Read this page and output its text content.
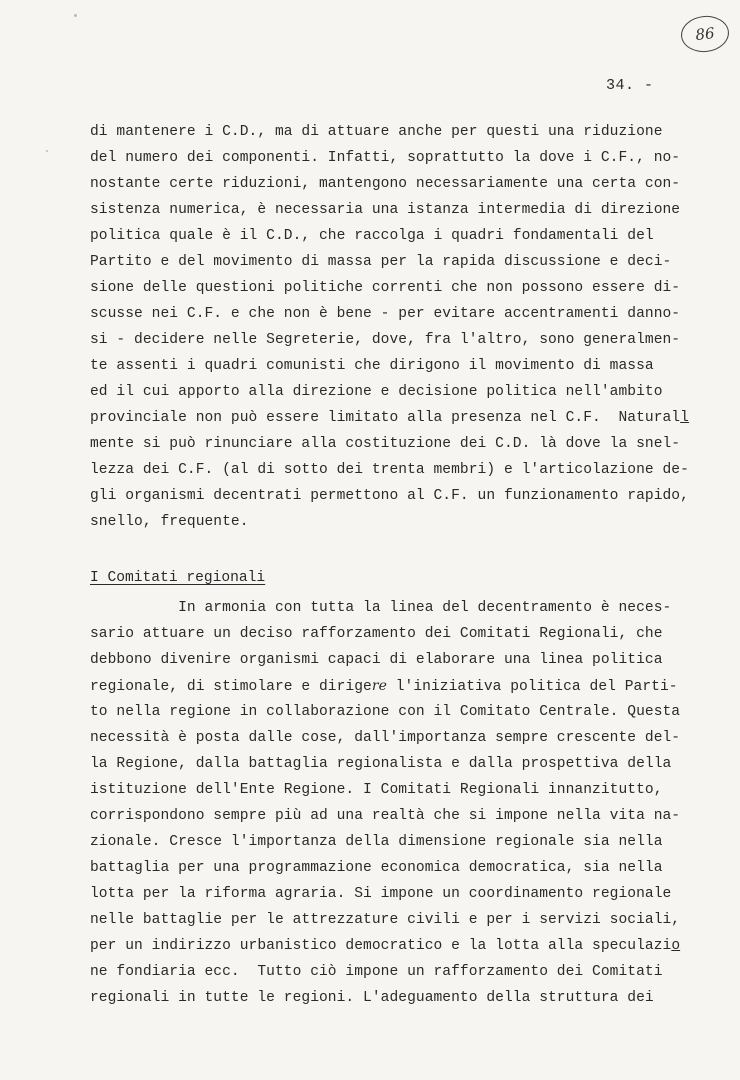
86
34. -
di mantenere i C.D., ma di attuare anche per questi una riduzione
del numero dei componenti. Infatti, soprattutto la dove i C.F., no-
nostante certe riduzioni, mantengono necessariamente una certa con-
sistenza numerica, è necessaria una istanza intermedia di direzione
politica quale è il C.D., che raccolga i quadri fondamentali del
Partito e del movimento di massa per la rapida discussione e deci-
sione delle questioni politiche correnti che non possono essere di-
scusse nei C.F. e che non è bene - per evitare accentramenti danno-
si - decidere nelle Segreterie, dove, fra l'altro, sono generalmen-
te assenti i quadri comunisti che dirigono il movimento di massa
ed il cui apporto alla direzione e decisione politica nell'ambito
provinciale non può essere limitato alla presenza nel C.F.  Naturall
mente si può rinunciare alla costituzione dei C.D. là dove la snel-
lezza dei C.F. (al di sotto dei trenta membri) e l'articolazione de-
gli organismi decentrati permettono al C.F. un funzionamento rapido,
snello, frequente.
I Comitati regionali
In armonia con tutta la linea del decentramento è neces-
sario attuare un deciso rafforzamento dei Comitati Regionali, che
debbono divenire organismi capaci di elaborare una linea politica
regionale, di stimolare e dirigere l'iniziativa politica del Parti-
to nella regione in collaborazione con il Comitato Centrale. Questa
necessità è posta dalle cose, dall'importanza sempre crescente del-
la Regione, dalla battaglia regionalista e dalla prospettiva della
istituzione dell'Ente Regione. I Comitati Regionali innanzitutto,
corrispondono sempre più ad una realtà che si impone nella vita na-
zionale. Cresce l'importanza della dimensione regionale sia nella
battaglia per una programmazione economica democratica, sia nella
lotta per la riforma agraria. Si impone un coordinamento regionale
nelle battaglie per le attrezzature civili e per i servizi sociali,
per un indirizzo urbanistico democratico e la lotta alla speculazio
ne fondiaria ecc.  Tutto ciò impone un rafforzamento dei Comitati
regionali in tutte le regioni. L'adeguamento della struttura dei
